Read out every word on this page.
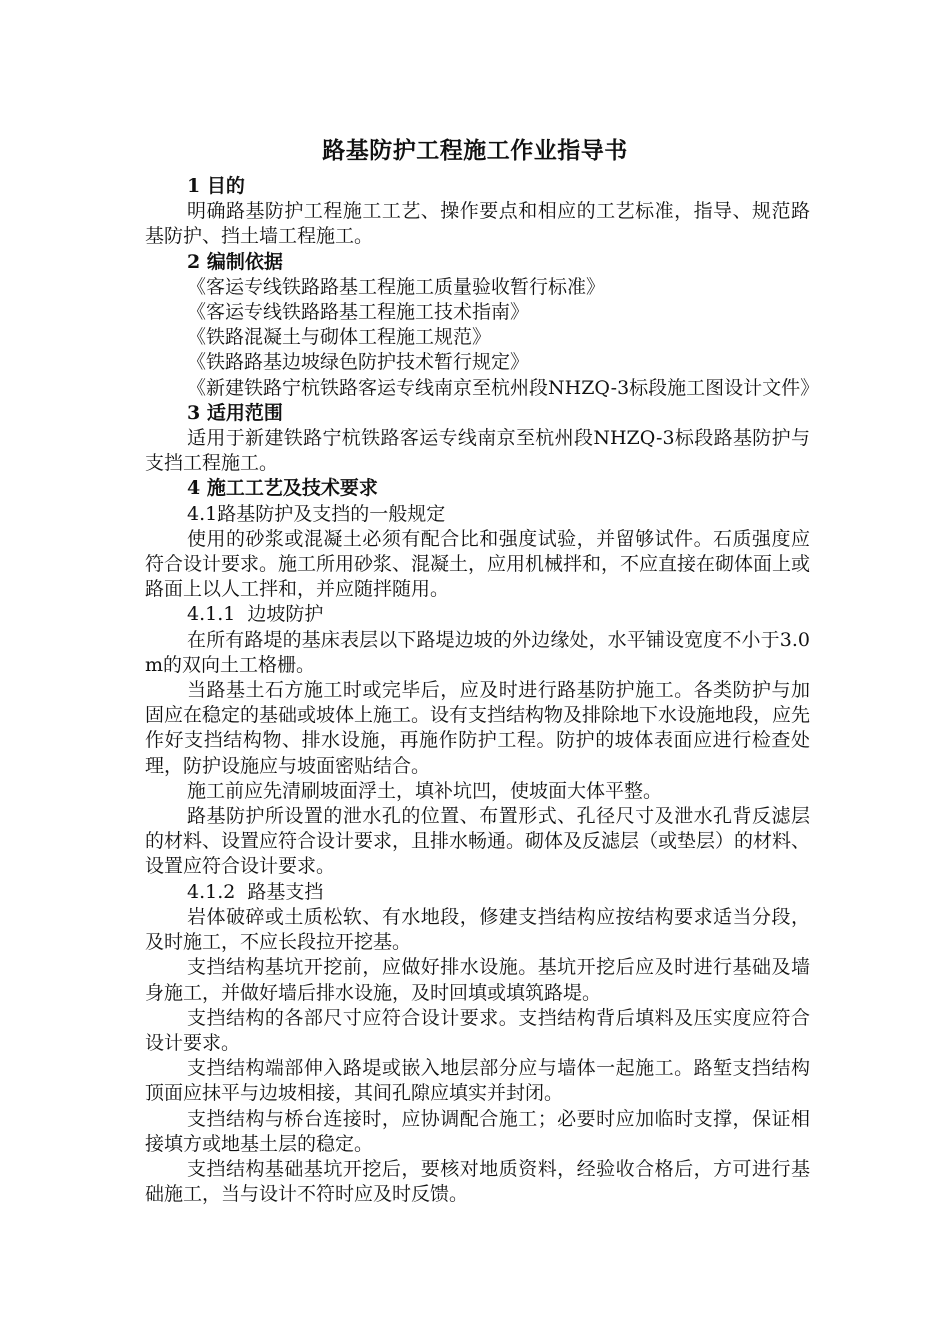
路基防护工程施工作业指导书

1 目的

明确路基防护工程施工工艺、操作要点和相应的工艺标准，指导、规范路基防护、挡土墙工程施工。

2 编制依据

《客运专线铁路路基工程施工质量验收暂行标准》

《客运专线铁路路基工程施工技术指南》

《铁路混凝土与砌体工程施工规范》

《铁路路基边坡绿色防护技术暂行规定》

《新建铁路宁杭铁路客运专线南京至杭州段NHZQ-3标段施工图设计文件》

3 适用范围

适用于新建铁路宁杭铁路客运专线南京至杭州段NHZQ-3标段路基防护与支挡工程施工。

4 施工工艺及技术要求

4.1路基防护及支挡的一般规定

使用的砂浆或混凝土必须有配合比和强度试验，并留够试件。石质强度应符合设计要求。施工所用砂浆、混凝土，应用机械拌和，不应直接在砌体面上或路面上以人工拌和，并应随拌随用。

4.1.1  边坡防护

在所有路堤的基床表层以下路堤边坡的外边缘处，水平铺设宽度不小于3.0m的双向土工格栅。

当路基土石方施工时或完毕后，应及时进行路基防护施工。各类防护与加固应在稳定的基础或坡体上施工。设有支挡结构物及排除地下水设施地段，应先作好支挡结构物、排水设施，再施作防护工程。防护的坡体表面应进行检查处理，防护设施应与坡面密贴结合。

施工前应先清刷坡面浮土，填补坑凹，使坡面大体平整。

路基防护所设置的泄水孔的位置、布置形式、孔径尺寸及泄水孔背反滤层的材料、设置应符合设计要求，且排水畅通。砌体及反滤层（或垫层）的材料、设置应符合设计要求。

4.1.2  路基支挡

岩体破碎或土质松软、有水地段，修建支挡结构应按结构要求适当分段，及时施工，不应长段拉开挖基。

支挡结构基坑开挖前，应做好排水设施。基坑开挖后应及时进行基础及墙身施工，并做好墙后排水设施，及时回填或填筑路堤。

支挡结构的各部尺寸应符合设计要求。支挡结构背后填料及压实度应符合设计要求。

支挡结构端部伸入路堤或嵌入地层部分应与墙体一起施工。路堑支挡结构顶面应抹平与边坡相接，其间孔隙应填实并封闭。

支挡结构与桥台连接时，应协调配合施工；必要时应加临时支撑，保证相接填方或地基土层的稳定。

支挡结构基础基坑开挖后，要核对地质资料，经验收合格后，方可进行基础施工，当与设计不符时应及时反馈。
